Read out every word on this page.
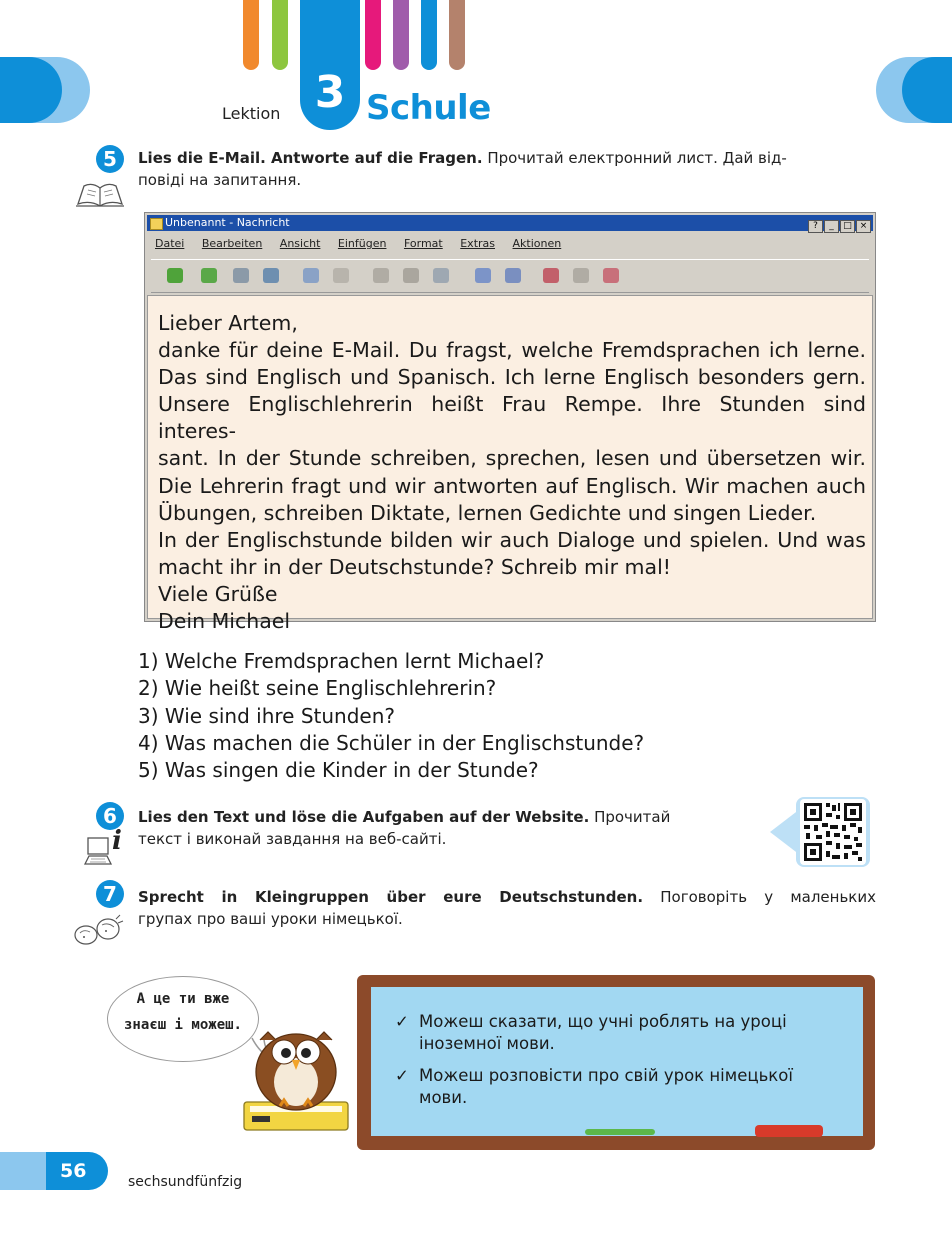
Lektion 3 Schule
5	Lies die E-Mail. Antworte auf die Fragen. Прочитай електронний лист. Дай від-
повіді на запитання.
Unbenannt - Nachricht	? _ □ ×
Datei Bearbeiten Ansicht Einfügen Format Extras Aktionen
Lieber Artem,
danke für deine E-Mail. Du fragst, welche Fremdsprachen ich lerne.
Das sind Englisch und Spanisch. Ich lerne Englisch besonders gern.
Unsere Englischlehrerin heißt Frau Rempe. Ihre Stunden sind interes-
sant. In der Stunde schreiben, sprechen, lesen und übersetzen wir.
Die Lehrerin fragt und wir antworten auf Englisch. Wir machen auch
Übungen, schreiben Diktate, lernen Gedichte und singen Lieder.
In der Englischstunde bilden wir auch Dialoge und spielen. Und was
macht ihr in der Deutschstunde? Schreib mir mal!
Viele Grüße
Dein Michael
1) Welche Fremdsprachen lernt Michael?
2) Wie heißt seine Englischlehrerin?
3) Wie sind ihre Stunden?
4) Was machen die Schüler in der Englischstunde?
5) Was singen die Kinder in der Stunde?
6
i
Lies den Text und löse die Aufgaben auf der Website. Прочитай
текст і виконай завдання на веб-сайті.
7	Sprecht in Kleingruppen über eure Deutschstunden. Поговоріть у маленьких
групах про ваші уроки німецької.
А це ти вже
знаєш і можеш.	✓ Можеш сказати, що учні роблять на уроці іноземної мови.
✓ Можеш розповісти про свій урок німецької мови.
56	sechsundfünfzig
